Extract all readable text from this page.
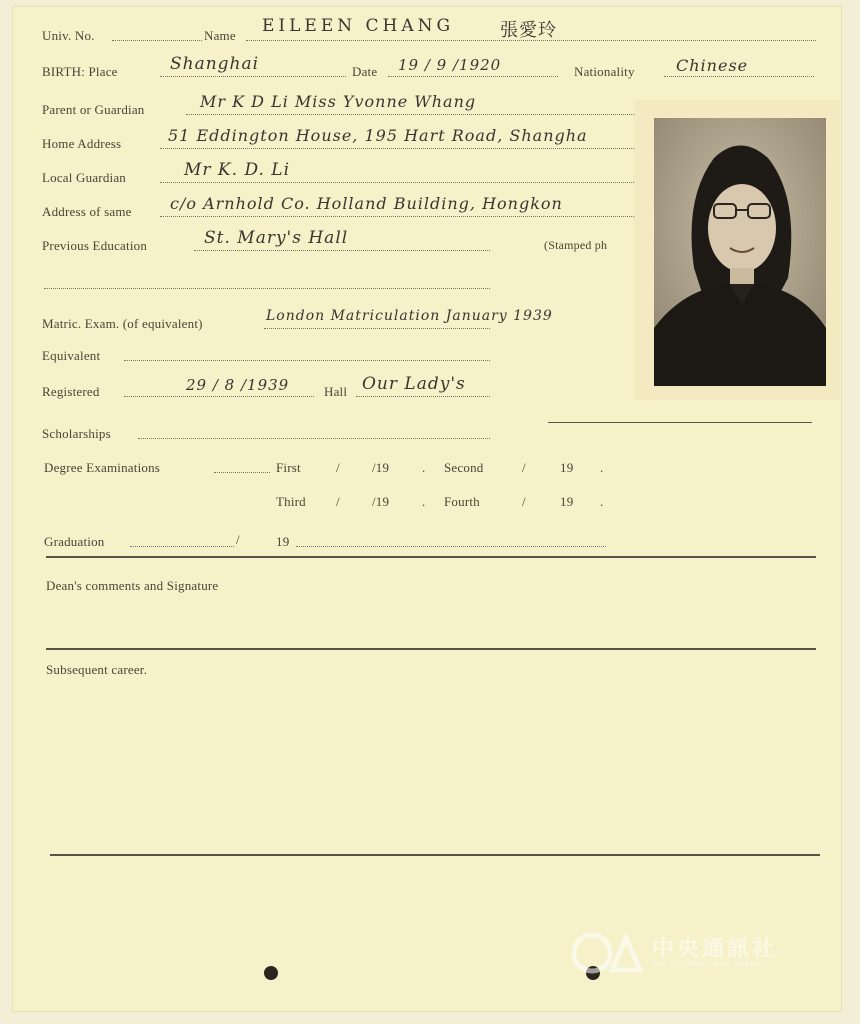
Univ. No.	Name EILEEN CHANG	張愛玲
BIRTH: Place	Shanghai	Date 19 / 9 /1920	Nationality	Chinese
Parent or Guardian	Mr K D Li Miss Yvonne Whang
Home Address	51 Eddington House, 195 Hart Road, Shangha
Local Guardian	Mr K. D. Li
Address of same c/o Arnhold Co. Holland Building, Hongkon
Previous Education	St. Mary's Hall	(Stamped ph
Matric. Exam. (of equivalent)	London Matriculation January 1939
Equivalent
Registered	29 / 8 /1939	Hall Our Lady's
Scholarships
Degree Examinations	First	/ /19	. Second	/	19 .
Third / /19	. Fourth	/	19 .
Graduation	/	19
Dean's comments and Signature
Subsequent career.
中央通訊社
THE CENTRAL NEWS AGENCY
